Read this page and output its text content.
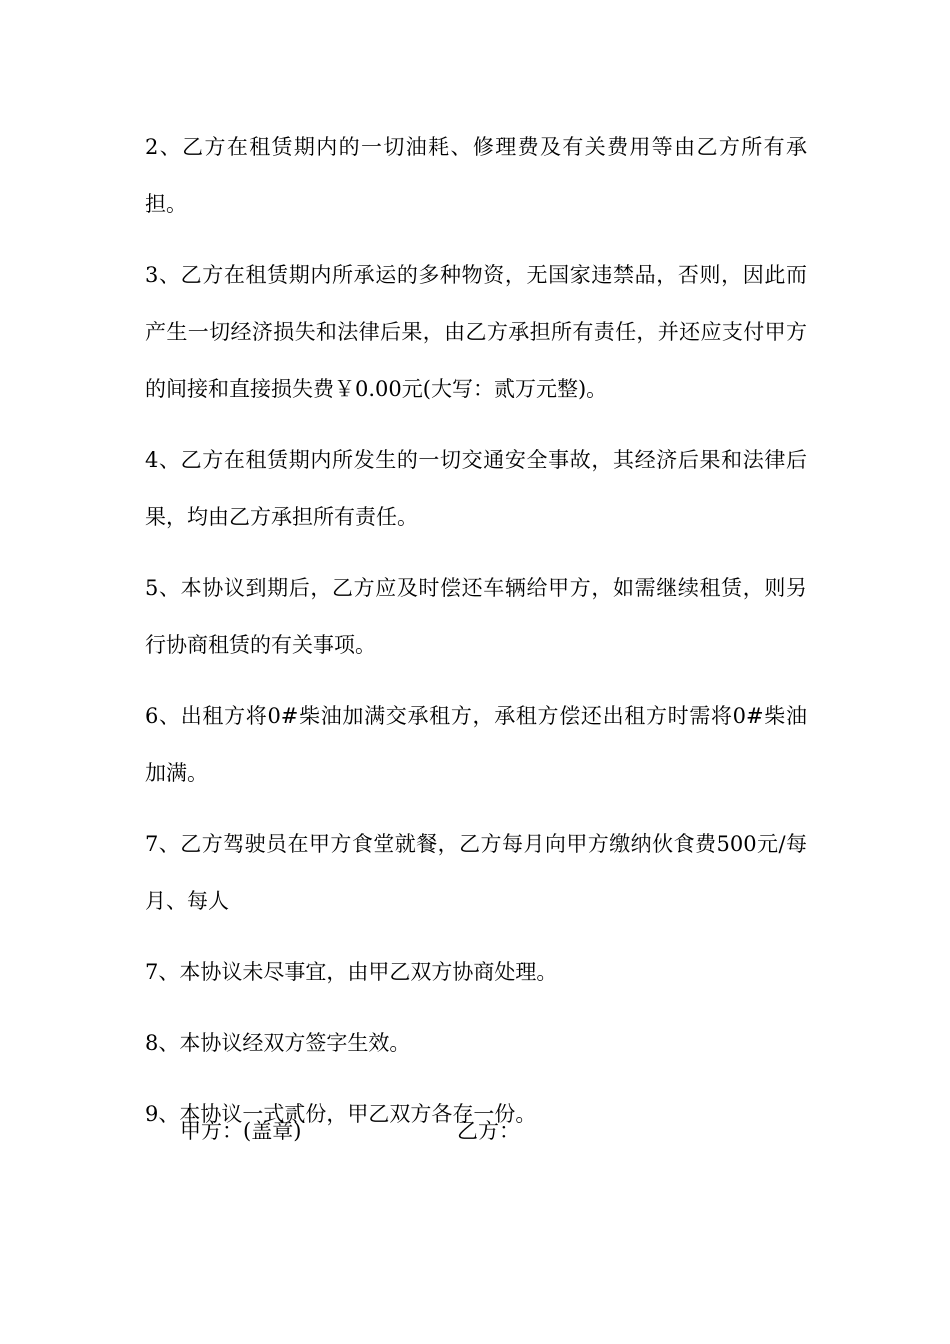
2、乙方在租赁期内的一切油耗、修理费及有关费用等由乙方所有承担。

3、乙方在租赁期内所承运的多种物资，无国家违禁品，否则，因此而产生一切经济损失和法律后果，由乙方承担所有责任，并还应支付甲方的间接和直接损失费￥0.00元(大写：贰万元整)。

4、乙方在租赁期内所发生的一切交通安全事故，其经济后果和法律后果，均由乙方承担所有责任。

5、本协议到期后，乙方应及时偿还车辆给甲方，如需继续租赁，则另行协商租赁的有关事项。

6、出租方将0#柴油加满交承租方，承租方偿还出租方时需将0#柴油加满。

7、乙方驾驶员在甲方食堂就餐，乙方每月向甲方缴纳伙食费500元/每月、每人

7、本协议未尽事宜，由甲乙双方协商处理。

8、本协议经双方签字生效。

9、本协议一式贰份，甲乙双方各存一份。

甲方：(盖章)	乙方：
